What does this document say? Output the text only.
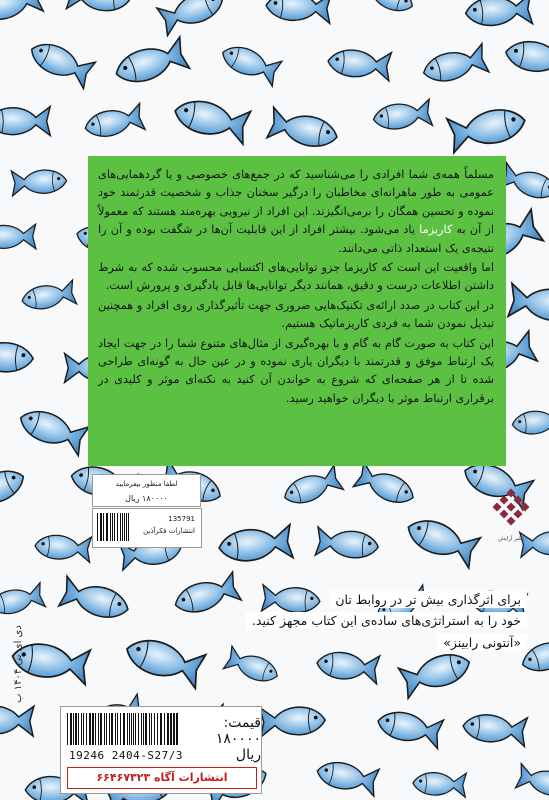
مسلماً همه‌ی شما افرادی را می‌شناسید که در جمع‌های خصوصی و یا گردهمایی‌های عمومی به طور ماهرانه‌ای مخاطبان را درگیر سخنان جذاب و شخصیت قدرتمند خود نموده و تحسین همگان را برمی‌انگیزند. این افراد از نیرویی بهره‌مند هستند که معمولاً از آن به کاریزما یاد می‌شود. بیشتر افراد از این قابلیت آن‌ها در شگفت بوده و آن را نتیجه‌ی یک استعداد ذاتی می‌دانند.

اما واقعیت این است که کاریزما جزو توانایی‌های اکتسابی محسوب شده که به شرط داشتن اطلاعات درست و دقیق، همانند دیگر توانایی‌ها قابل یادگیری و پرورش است.

در این کتاب در صدد ارائه‌ی تکنیک‌هایی ضروری جهت تأثیرگذاری روی افراد و همچنین تبدیل نمودن شما به فردی کاریزماتیک هستیم.

این کتاب به صورت گام به گام و با بهره‌گیری از مثال‌های متنوع شما را در جهت ایجاد یک ارتباط موفق و قدرتمند با دیگران یاری نموده و در عین حال به گونه‌ای طراحی شده تا از هر صفحه‌ای که شروع به خواندن آن کنید به نکته‌ای موثر و کلیدی در برقراری ارتباط موثر با دیگران خواهید رسید.

لطفا منظور بپفرمایید
۱۸۰۰۰۰ ریال
135791
انتشارات فکرآذین
نشر آرایش
برای اثرگذاری بیش تر در روابط تان
خود را به استراتژی‌های ساده‌ی این کتاب مجهز کنید.
«آنتونی رابینز»
دی ای بی ۱۴۰۴ ب
قیمت: ۱۸۰۰۰۰ ریال
19246 2404-S27/3
انتشارات آگاه ۶۶۴۶۷۳۲۳
